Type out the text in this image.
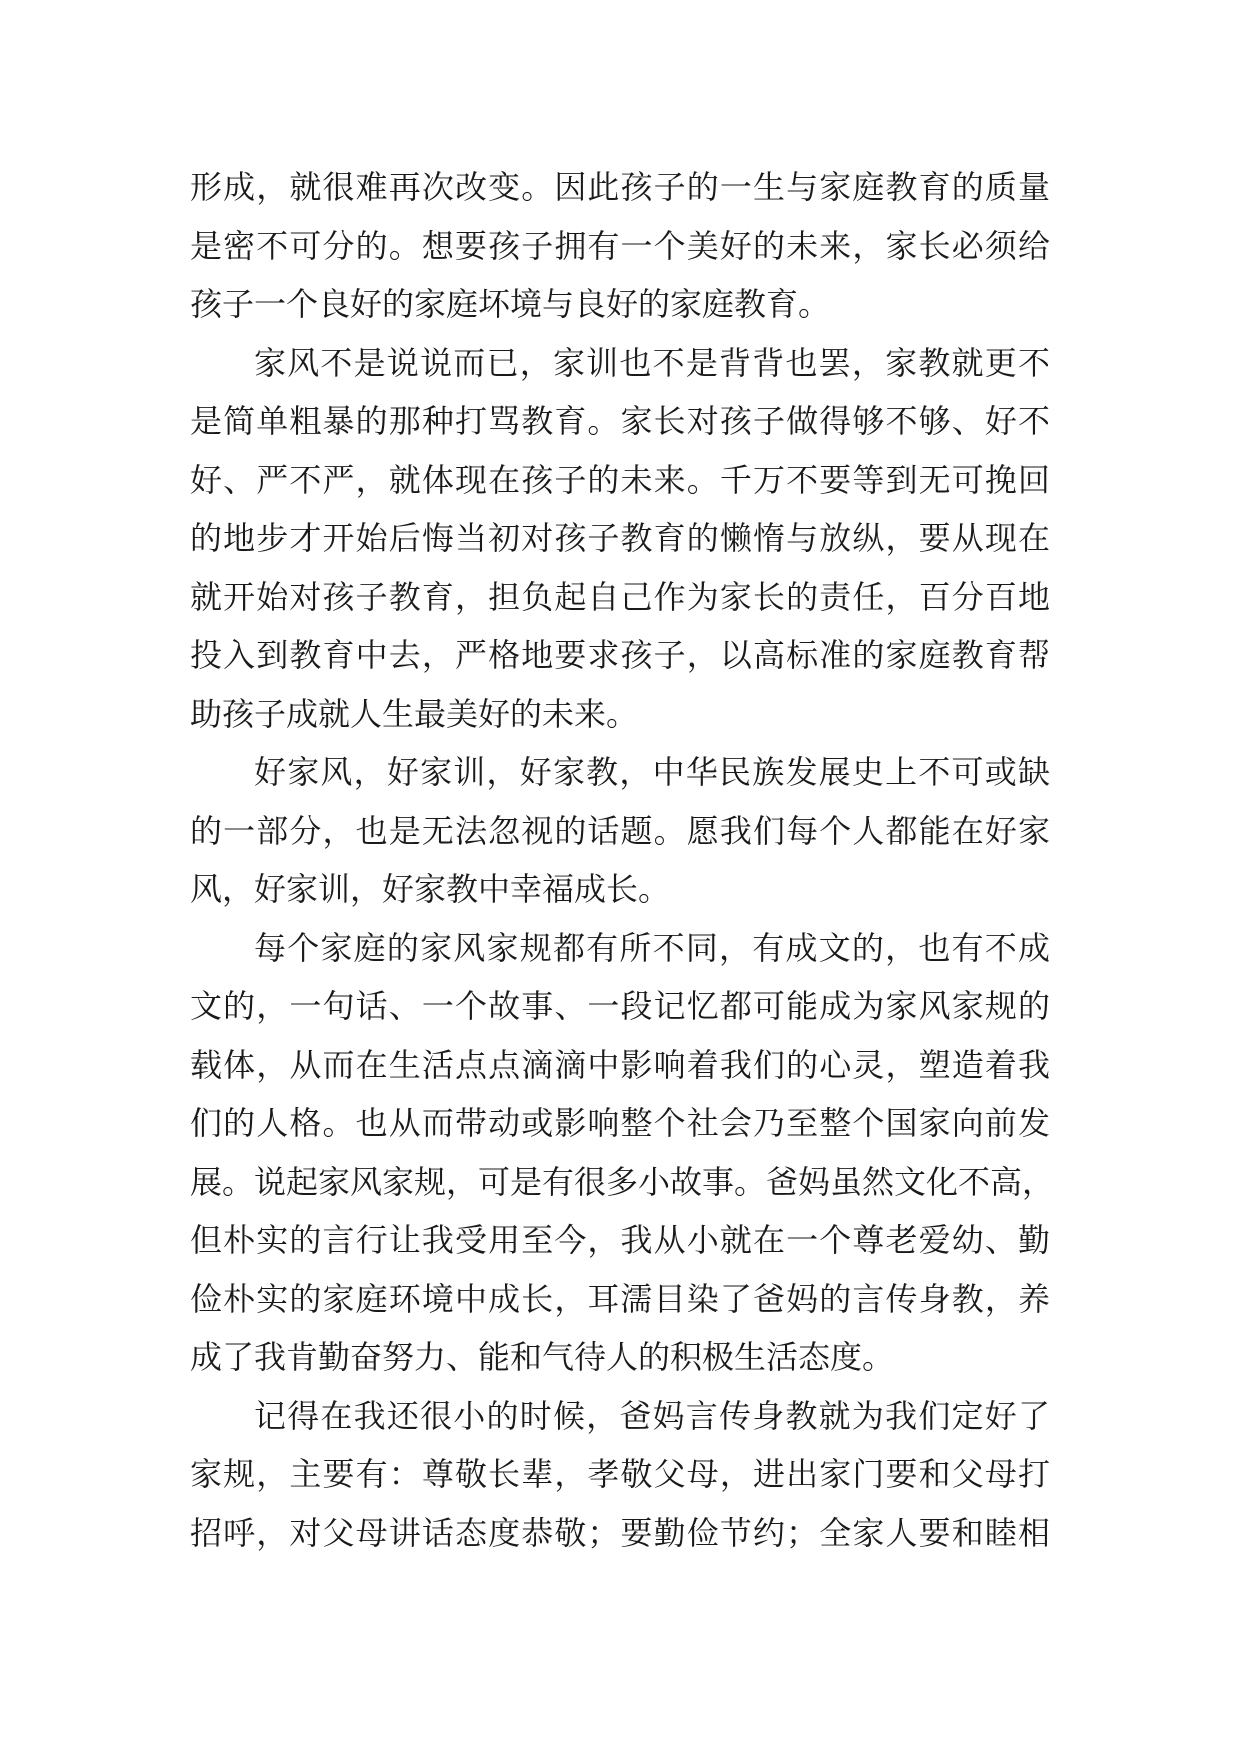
形成，就很难再次改变。因此孩子的一生与家庭教育的质量
是密不可分的。想要孩子拥有一个美好的未来，家长必须给
孩子一个良好的家庭坏境与良好的家庭教育。

家风不是说说而已，家训也不是背背也罢，家教就更不
是简单粗暴的那种打骂教育。家长对孩子做得够不够、好不
好、严不严，就体现在孩子的未来。千万不要等到无可挽回
的地步才开始后悔当初对孩子教育的懒惰与放纵，要从现在
就开始对孩子教育，担负起自己作为家长的责任，百分百地
投入到教育中去，严格地要求孩子，以高标准的家庭教育帮
助孩子成就人生最美好的未来。

好家风，好家训，好家教，中华民族发展史上不可或缺
的一部分，也是无法忽视的话题。愿我们每个人都能在好家
风，好家训，好家教中幸福成长。

每个家庭的家风家规都有所不同，有成文的，也有不成
文的，一句话、一个故事、一段记忆都可能成为家风家规的
载体，从而在生活点点滴滴中影响着我们的心灵，塑造着我
们的人格。也从而带动或影响整个社会乃至整个国家向前发
展。说起家风家规，可是有很多小故事。爸妈虽然文化不高，
但朴实的言行让我受用至今，我从小就在一个尊老爱幼、勤
俭朴实的家庭环境中成长，耳濡目染了爸妈的言传身教，养
成了我肯勤奋努力、能和气待人的积极生活态度。

记得在我还很小的时候，爸妈言传身教就为我们定好了
家规，主要有：尊敬长辈，孝敬父母，进出家门要和父母打
招呼，对父母讲话态度恭敬；要勤俭节约；全家人要和睦相
